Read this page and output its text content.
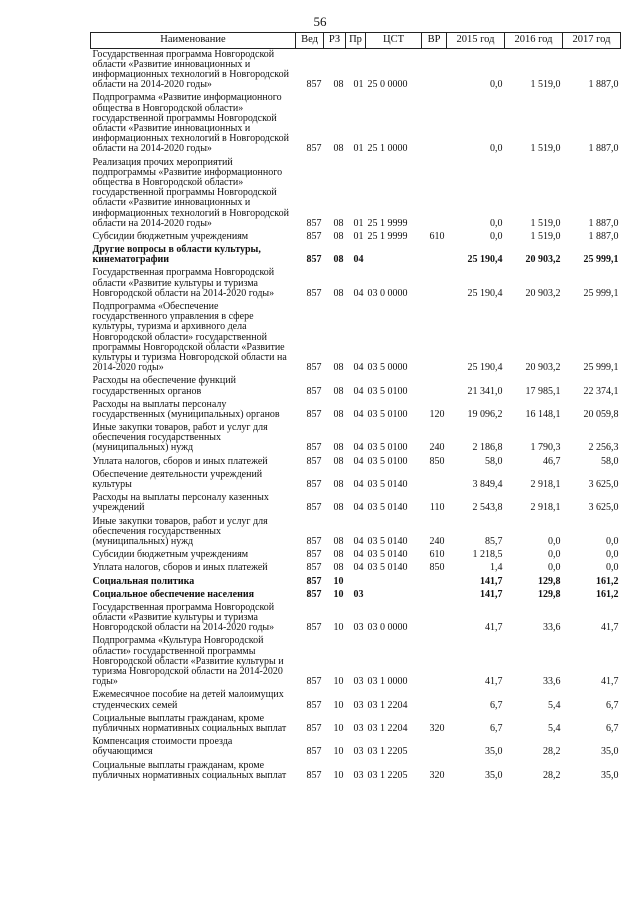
56
Наименование	Вед	РЗ	Пр	ЦСТ	ВР	2015 год	2016 год	2017 год
Государственная программа Новгородской области «Развитие инновационных и информационных технологий в Новгородской области на 2014-2020 годы»	857	08	01	25 0 0000		0,0	1 519,0	1 887,0
Подпрограмма «Развитие информационного общества в Новгородской области» государственной программы Новгородской области «Развитие инновационных и информационных технологий в Новгородской области на 2014-2020 годы»	857	08	01	25 1 0000		0,0	1 519,0	1 887,0
Реализация прочих мероприятий подпрограммы «Развитие информационного общества в Новгородской области» государственной программы Новгородской области «Развитие инновационных и информационных технологий в Новгородской области на 2014-2020 годы»	857	08	01	25 1 9999		0,0	1 519,0	1 887,0
Субсидии бюджетным учреждениям	857	08	01	25 1 9999	610	0,0	1 519,0	1 887,0
Другие вопросы в области культуры, кинематографии	857	08	04			25 190,4	20 903,2	25 999,1
Государственная программа Новгородской области «Развитие культуры и туризма Новгородской области на 2014-2020 годы»	857	08	04	03 0 0000		25 190,4	20 903,2	25 999,1
Подпрограмма «Обеспечение государственного управления в сфере культуры, туризма и архивного дела Новгородской области» государственной программы Новгородской области «Развитие культуры и туризма Новгородской области на 2014-2020 годы»	857	08	04	03 5 0000		25 190,4	20 903,2	25 999,1
Расходы на обеспечение функций государственных органов	857	08	04	03 5 0100		21 341,0	17 985,1	22 374,1
Расходы на выплаты персоналу государственных (муниципальных) органов	857	08	04	03 5 0100	120	19 096,2	16 148,1	20 059,8
Иные закупки товаров, работ и услуг для обеспечения государственных (муниципальных) нужд	857	08	04	03 5 0100	240	2 186,8	1 790,3	2 256,3
Уплата налогов, сборов и иных платежей	857	08	04	03 5 0100	850	58,0	46,7	58,0
Обеспечение деятельности учреждений культуры	857	08	04	03 5 0140		3 849,4	2 918,1	3 625,0
Расходы на выплаты персоналу казенных учреждений	857	08	04	03 5 0140	110	2 543,8	2 918,1	3 625,0
Иные закупки товаров, работ и услуг для обеспечения государственных (муниципальных) нужд	857	08	04	03 5 0140	240	85,7	0,0	0,0
Субсидии бюджетным учреждениям	857	08	04	03 5 0140	610	1 218,5	0,0	0,0
Уплата налогов, сборов и иных платежей	857	08	04	03 5 0140	850	1,4	0,0	0,0
Социальная политика	857	10				141,7	129,8	161,2
Социальное обеспечение населения	857	10	03			141,7	129,8	161,2
Государственная программа Новгородской области «Развитие культуры и туризма Новгородской области на 2014-2020 годы»	857	10	03	03 0 0000		41,7	33,6	41,7
Подпрограмма «Культура Новгородской области» государственной программы Новгородской области «Развитие культуры и туризма Новгородской области на 2014-2020 годы»	857	10	03	03 1 0000		41,7	33,6	41,7
Ежемесячное пособие на детей малоимущих студенческих семей	857	10	03	03 1 2204		6,7	5,4	6,7
Социальные выплаты гражданам, кроме публичных нормативных социальных выплат	857	10	03	03 1 2204	320	6,7	5,4	6,7
Компенсация стоимости проезда обучающимся	857	10	03	03 1 2205		35,0	28,2	35,0
Социальные выплаты гражданам, кроме публичных нормативных социальных выплат	857	10	03	03 1 2205	320	35,0	28,2	35,0
